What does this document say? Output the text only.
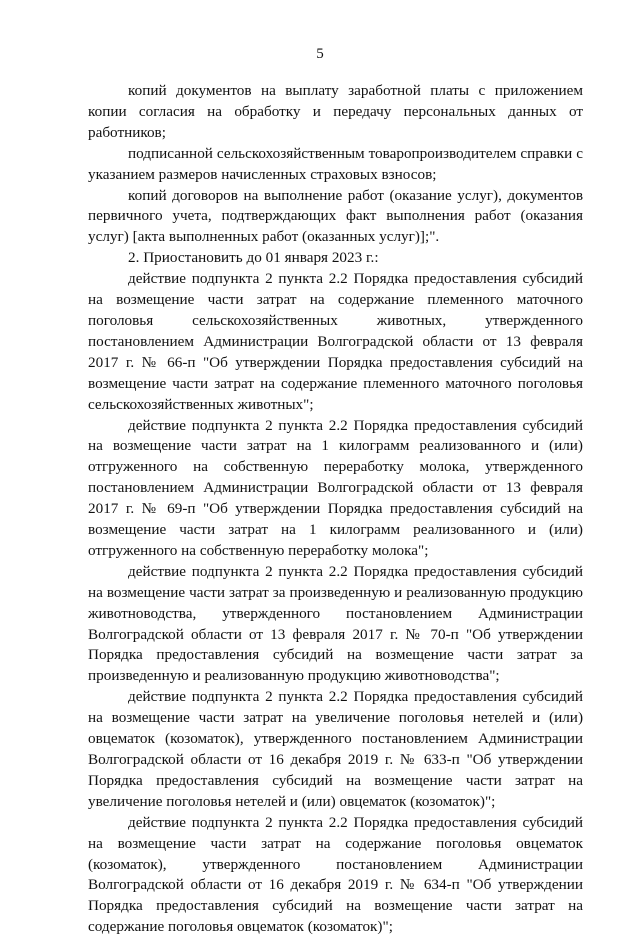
5

копий документов на выплату заработной платы с приложением копии согласия на обработку и передачу персональных данных от работников;

подписанной сельскохозяйственным товаропроизводителем справки с указанием размеров начисленных страховых взносов;

копий договоров на выполнение работ (оказание услуг), документов первичного учета, подтверждающих факт выполнения работ (оказания услуг) [акта выполненных работ (оказанных услуг)];".

2. Приостановить до 01 января 2023 г.:

действие подпункта 2 пункта 2.2 Порядка предоставления субсидий на возмещение части затрат на содержание племенного маточного поголовья сельскохозяйственных животных, утвержденного постановлением Администрации Волгоградской области от 13 февраля 2017 г. № 66-п "Об утверждении Порядка предоставления субсидий на возмещение части затрат на содержание племенного маточного поголовья сельскохозяйственных животных";

действие подпункта 2 пункта 2.2 Порядка предоставления субсидий на возмещение части затрат на 1 килограмм реализованного и (или) отгруженного на собственную переработку молока, утвержденного постановлением Администрации Волгоградской области от 13 февраля 2017 г. № 69-п "Об утверждении Порядка предоставления субсидий на возмещение части затрат на 1 килограмм реализованного и (или) отгруженного на собственную переработку молока";

действие подпункта 2 пункта 2.2 Порядка предоставления субсидий на возмещение части затрат за произведенную и реализованную продукцию животноводства, утвержденного постановлением Администрации Волгоградской области от 13 февраля 2017 г. № 70-п "Об утверждении Порядка предоставления субсидий на возмещение части затрат за произведенную и реализованную продукцию животноводства";

действие подпункта 2 пункта 2.2 Порядка предоставления субсидий на возмещение части затрат на увеличение поголовья нетелей и (или) овцематок (козоматок), утвержденного постановлением Администрации Волгоградской области от 16 декабря 2019 г. № 633-п "Об утверждении Порядка предоставления субсидий на возмещение части затрат на увеличение поголовья нетелей и (или) овцематок (козоматок)";

действие подпункта 2 пункта 2.2 Порядка предоставления субсидий на возмещение части затрат на содержание поголовья овцематок (козоматок), утвержденного постановлением Администрации Волгоградской области от 16 декабря 2019 г. № 634-п "Об утверждении Порядка предоставления субсидий на возмещение части затрат на содержание поголовья овцематок (козоматок)";
